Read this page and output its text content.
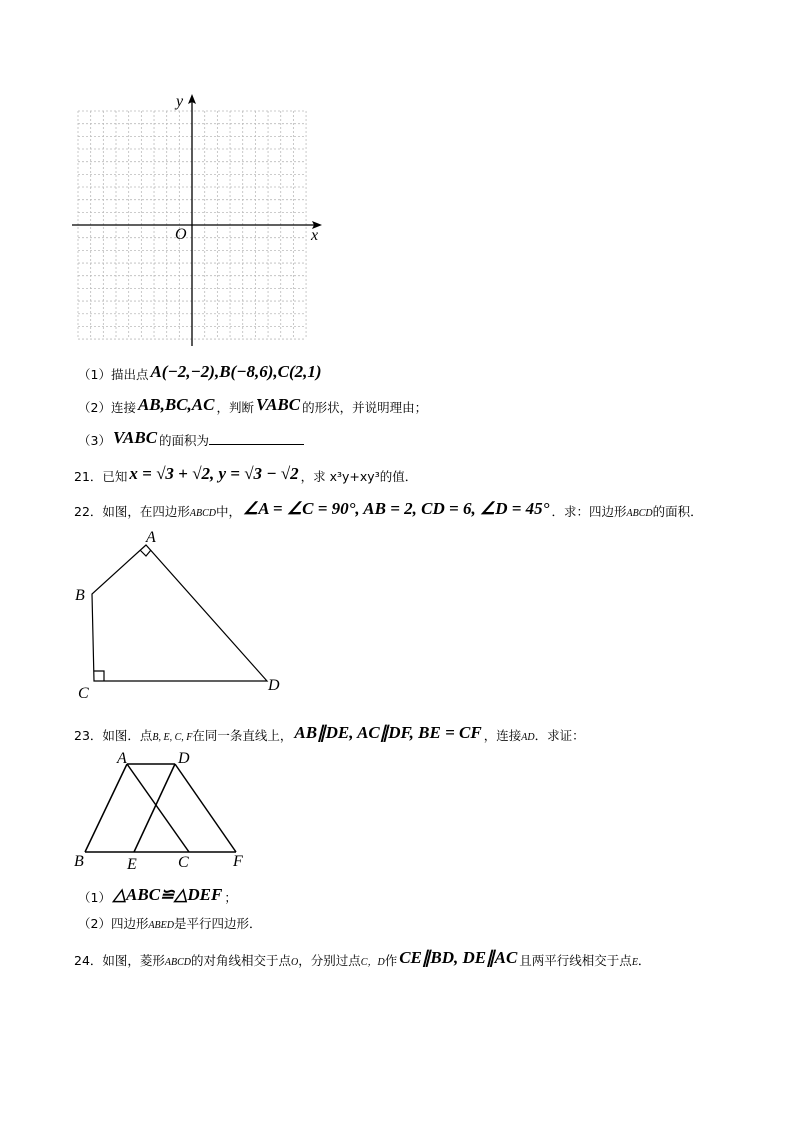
x
y
O
A
B
C	D
A	D
B	E	C	F
（1）描出点 A(−2,−2),B(−8,6),C(2,1)
（2）连接 AB,BC,AC ，判断 VABC 的形状，并说明理由；
（3） VABC 的面积为
21．已知 x = √3 + √2, y = √3 − √2 ，求 x³y+xy³的值．
22．如图，在四边形ABCD中， ∠A = ∠C = 90°, AB = 2, CD = 6, ∠D = 45° ．求：四边形ABCD的面积．
23．如图．点B, E, C, F在同一条直线上， AB∥DE, AC∥DF, BE = CF ，连接AD．求证：
（1） △ABC≌△DEF ；
（2）四边形ABED是平行四边形．
24．如图，菱形ABCD的对角线相交于点O，分别过点C，D作 CE∥BD, DE∥AC 且两平行线相交于点E．
